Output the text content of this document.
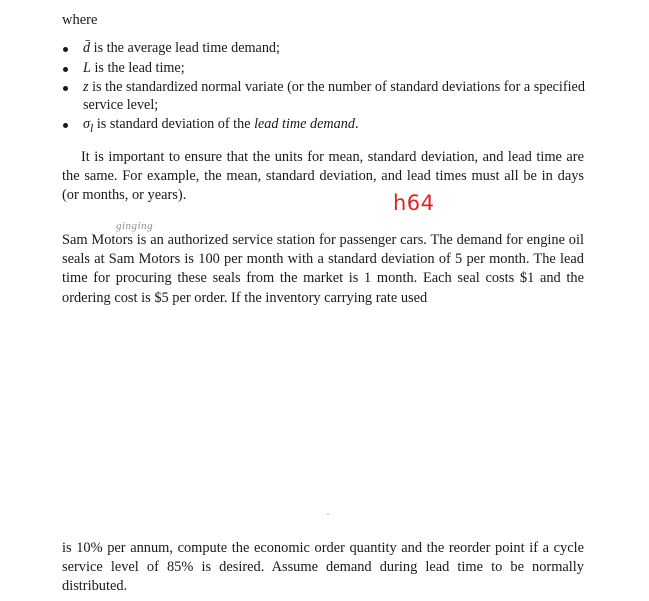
where
d̄ is the average lead time demand;
L is the lead time;
z is the standardized normal variate (or the number of standard deviations for a specified service level;
$\sigma_l$ is standard deviation of the lead time demand.

It is important to ensure that the units for mean, standard deviation, and lead time are the same. For example, the mean, standard deviation, and lead times must all be in days (or months, or years).	h64
ginging

Sam Motors is an authorized service station for passenger cars. The demand for engine oil seals at Sam Motors is 100 per month with a standard deviation of 5 per month. The lead time for procuring these seals from the market is 1 month. Each seal costs $1 and the ordering cost is $5 per order. If the inventory carrying rate used

is 10% per annum, compute the economic order quantity and the reorder point if a cycle service level of 85% is desired. Assume demand during lead time to be normally distributed.
